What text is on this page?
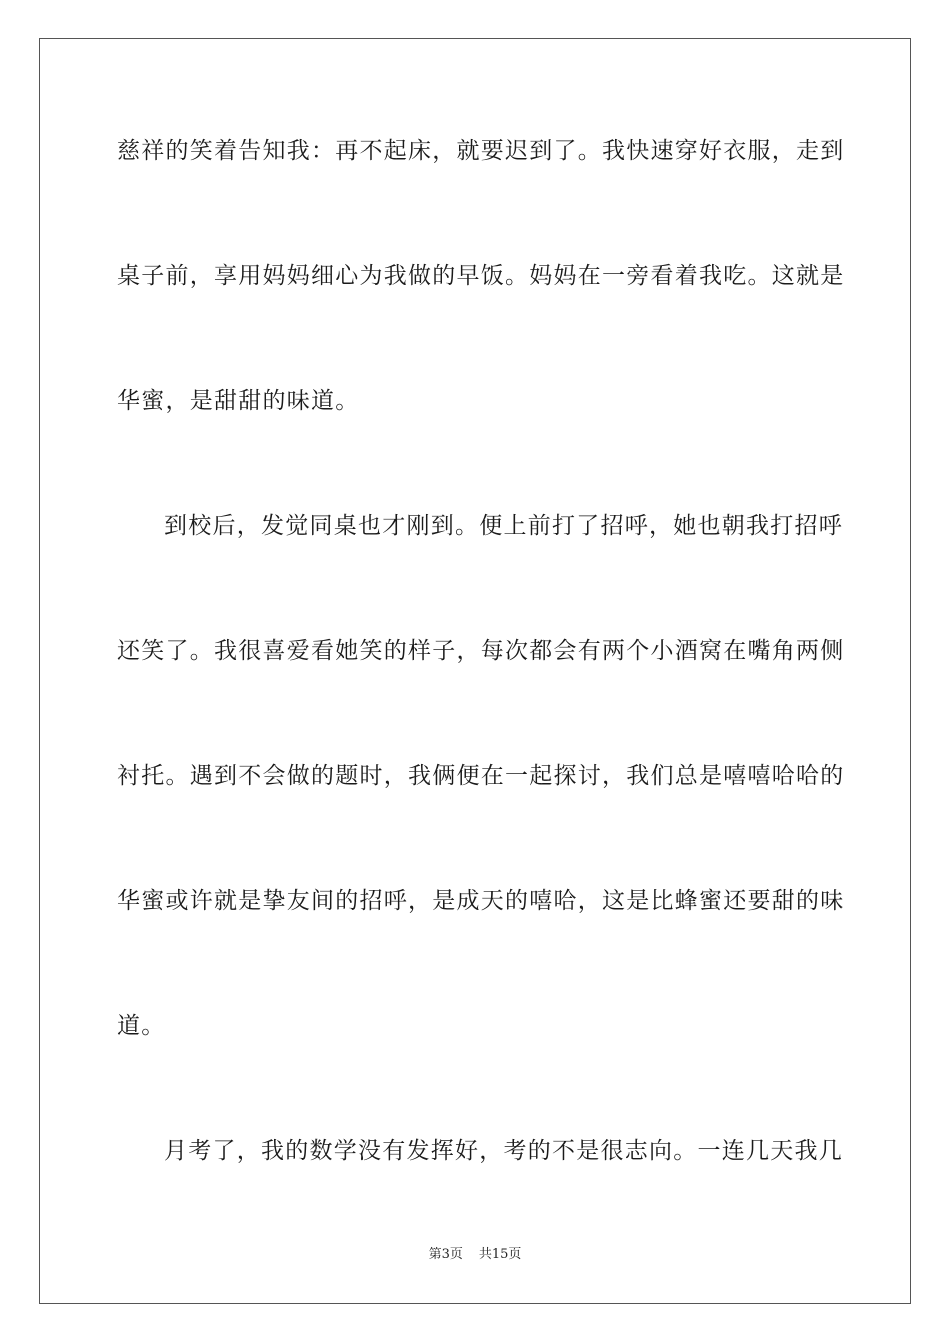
慈祥的笑着告知我：再不起床，就要迟到了。我快速穿好衣服，走到
桌子前，享用妈妈细心为我做的早饭。妈妈在一旁看着我吃。这就是
华蜜，是甜甜的味道。
到校后，发觉同桌也才刚到。便上前打了招呼，她也朝我打招呼
还笑了。我很喜爱看她笑的样子，每次都会有两个小酒窝在嘴角两侧
衬托。遇到不会做的题时，我俩便在一起探讨，我们总是嘻嘻哈哈的
华蜜或许就是挚友间的招呼，是成天的嘻哈，这是比蜂蜜还要甜的味
道。
月考了，我的数学没有发挥好，考的不是很志向。一连几天我几
第3页 共15页
